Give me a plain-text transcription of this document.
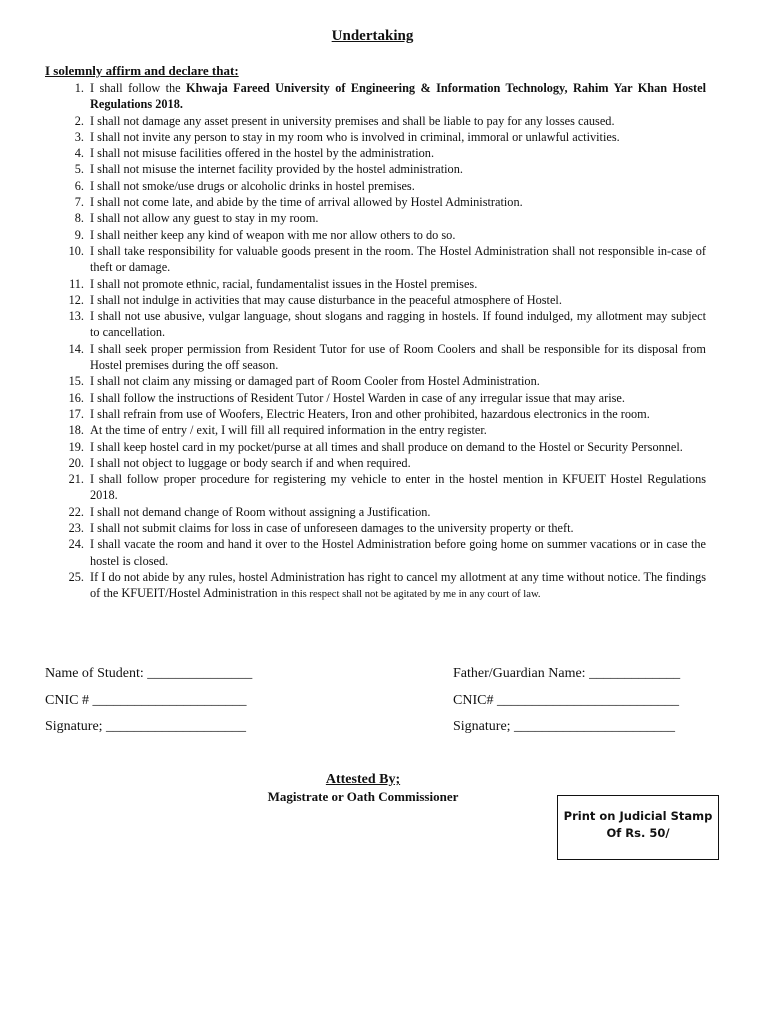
Undertaking
I solemnly affirm and declare that:
1. I shall follow the Khwaja Fareed University of Engineering & Information Technology, Rahim Yar Khan Hostel Regulations 2018.
2. I shall not damage any asset present in university premises and shall be liable to pay for any losses caused.
3. I shall not invite any person to stay in my room who is involved in criminal, immoral or unlawful activities.
4. I shall not misuse facilities offered in the hostel by the administration.
5. I shall not misuse the internet facility provided by the hostel administration.
6. I shall not smoke/use drugs or alcoholic drinks in hostel premises.
7. I shall not come late, and abide by the time of arrival allowed by Hostel Administration.
8. I shall not allow any guest to stay in my room.
9. I shall neither keep any kind of weapon with me nor allow others to do so.
10. I shall take responsibility for valuable goods present in the room. The Hostel Administration shall not responsible in-case of theft or damage.
11. I shall not promote ethnic, racial, fundamentalist issues in the Hostel premises.
12. I shall not indulge in activities that may cause disturbance in the peaceful atmosphere of Hostel.
13. I shall not use abusive, vulgar language, shout slogans and ragging in hostels. If found indulged, my allotment may subject to cancellation.
14. I shall seek proper permission from Resident Tutor for use of Room Coolers and shall be responsible for its disposal from Hostel premises during the off season.
15. I shall not claim any missing or damaged part of Room Cooler from Hostel Administration.
16. I shall follow the instructions of Resident Tutor / Hostel Warden in case of any irregular issue that may arise.
17. I shall refrain from use of Woofers, Electric Heaters, Iron and other prohibited, hazardous electronics in the room.
18. At the time of entry / exit, I will fill all required information in the entry register.
19. I shall keep hostel card in my pocket/purse at all times and shall produce on demand to the Hostel or Security Personnel.
20. I shall not object to luggage or body search if and when required.
21. I shall follow proper procedure for registering my vehicle to enter in the hostel mention in KFUEIT Hostel Regulations 2018.
22. I shall not demand change of Room without assigning a Justification.
23. I shall not submit claims for loss in case of unforeseen damages to the university property or theft.
24. I shall vacate the room and hand it over to the Hostel Administration before going home on summer vacations or in case the hostel is closed.
25. If I do not abide by any rules, hostel Administration has right to cancel my allotment at any time without notice. The findings of the KFUEIT/Hostel Administration in this respect shall not be agitated by me in any court of law.
Name of Student: _______________	Father/Guardian Name: _____________
CNIC # ______________________	CNIC# __________________________
Signature; ____________________	Signature; _______________________
Attested By;
Magistrate or Oath Commissioner
Print on Judicial Stamp
Of Rs. 50/
